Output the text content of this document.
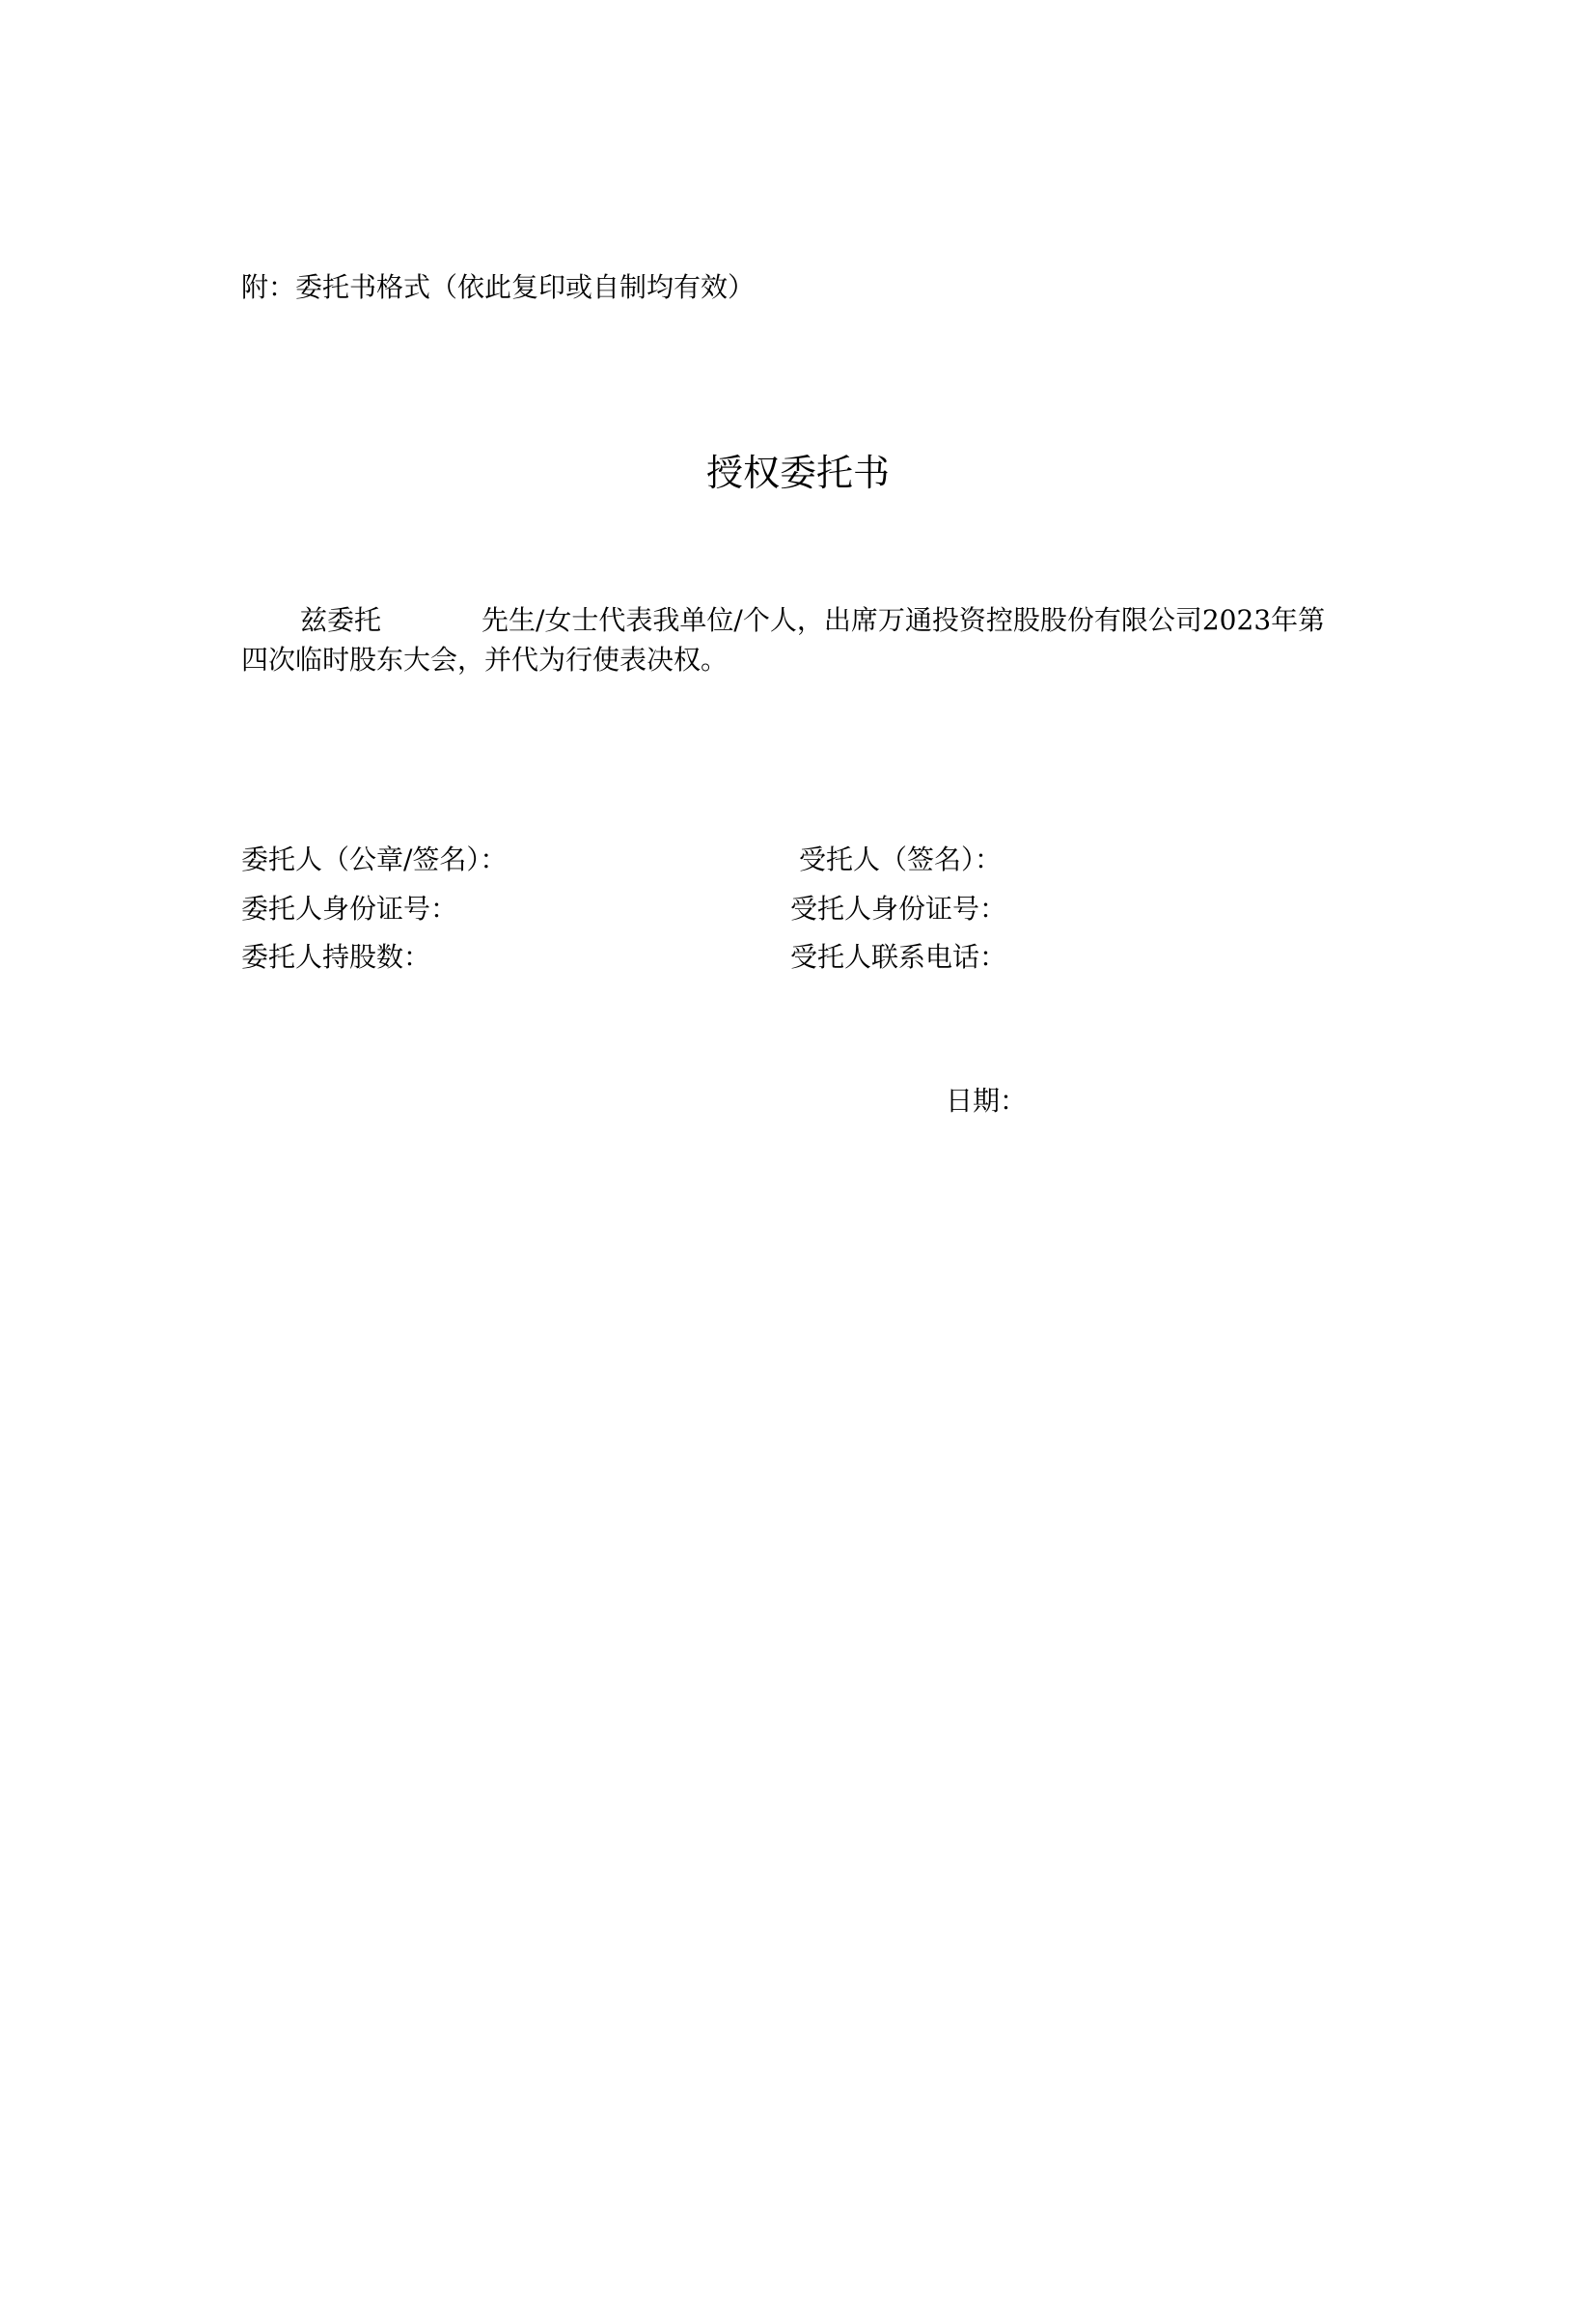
附：委托书格式（依此复印或自制均有效）
授权委托书
兹委托	先生/女士代表我单位/个人，出席万通投资控股股份有限公司2023年第
四次临时股东大会，并代为行使表决权。
委托人（公章/签名）：
委托人身份证号：
委托人持股数：
受托人（签名）：
受托人身份证号：
受托人联系电话：
日期：
